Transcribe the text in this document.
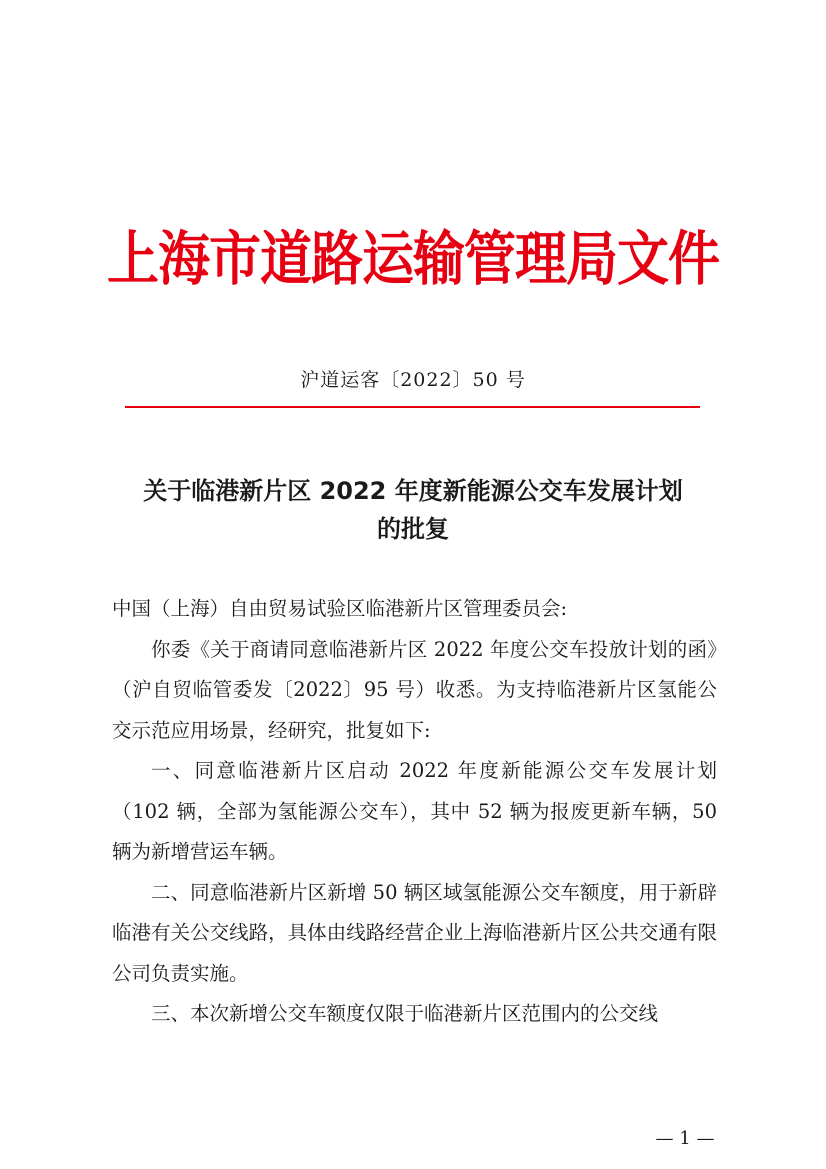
上海市道路运输管理局文件
沪道运客〔2022〕50 号
关于临港新片区 2022 年度新能源公交车发展计划
的批复

中国（上海）自由贸易试验区临港新片区管理委员会:

你委《关于商请同意临港新片区 2022 年度公交车投放计划的函》（沪自贸临管委发〔2022〕95 号）收悉。为支持临港新片区氢能公交示范应用场景，经研究，批复如下:

一、同意临港新片区启动 2022 年度新能源公交车发展计划（102 辆，全部为氢能源公交车），其中 52 辆为报废更新车辆，50 辆为新增营运车辆。

二、同意临港新片区新增 50 辆区域氢能源公交车额度，用于新辟临港有关公交线路，具体由线路经营企业上海临港新片区公共交通有限公司负责实施。

三、本次新增公交车额度仅限于临港新片区范围内的公交线

— 1 —
